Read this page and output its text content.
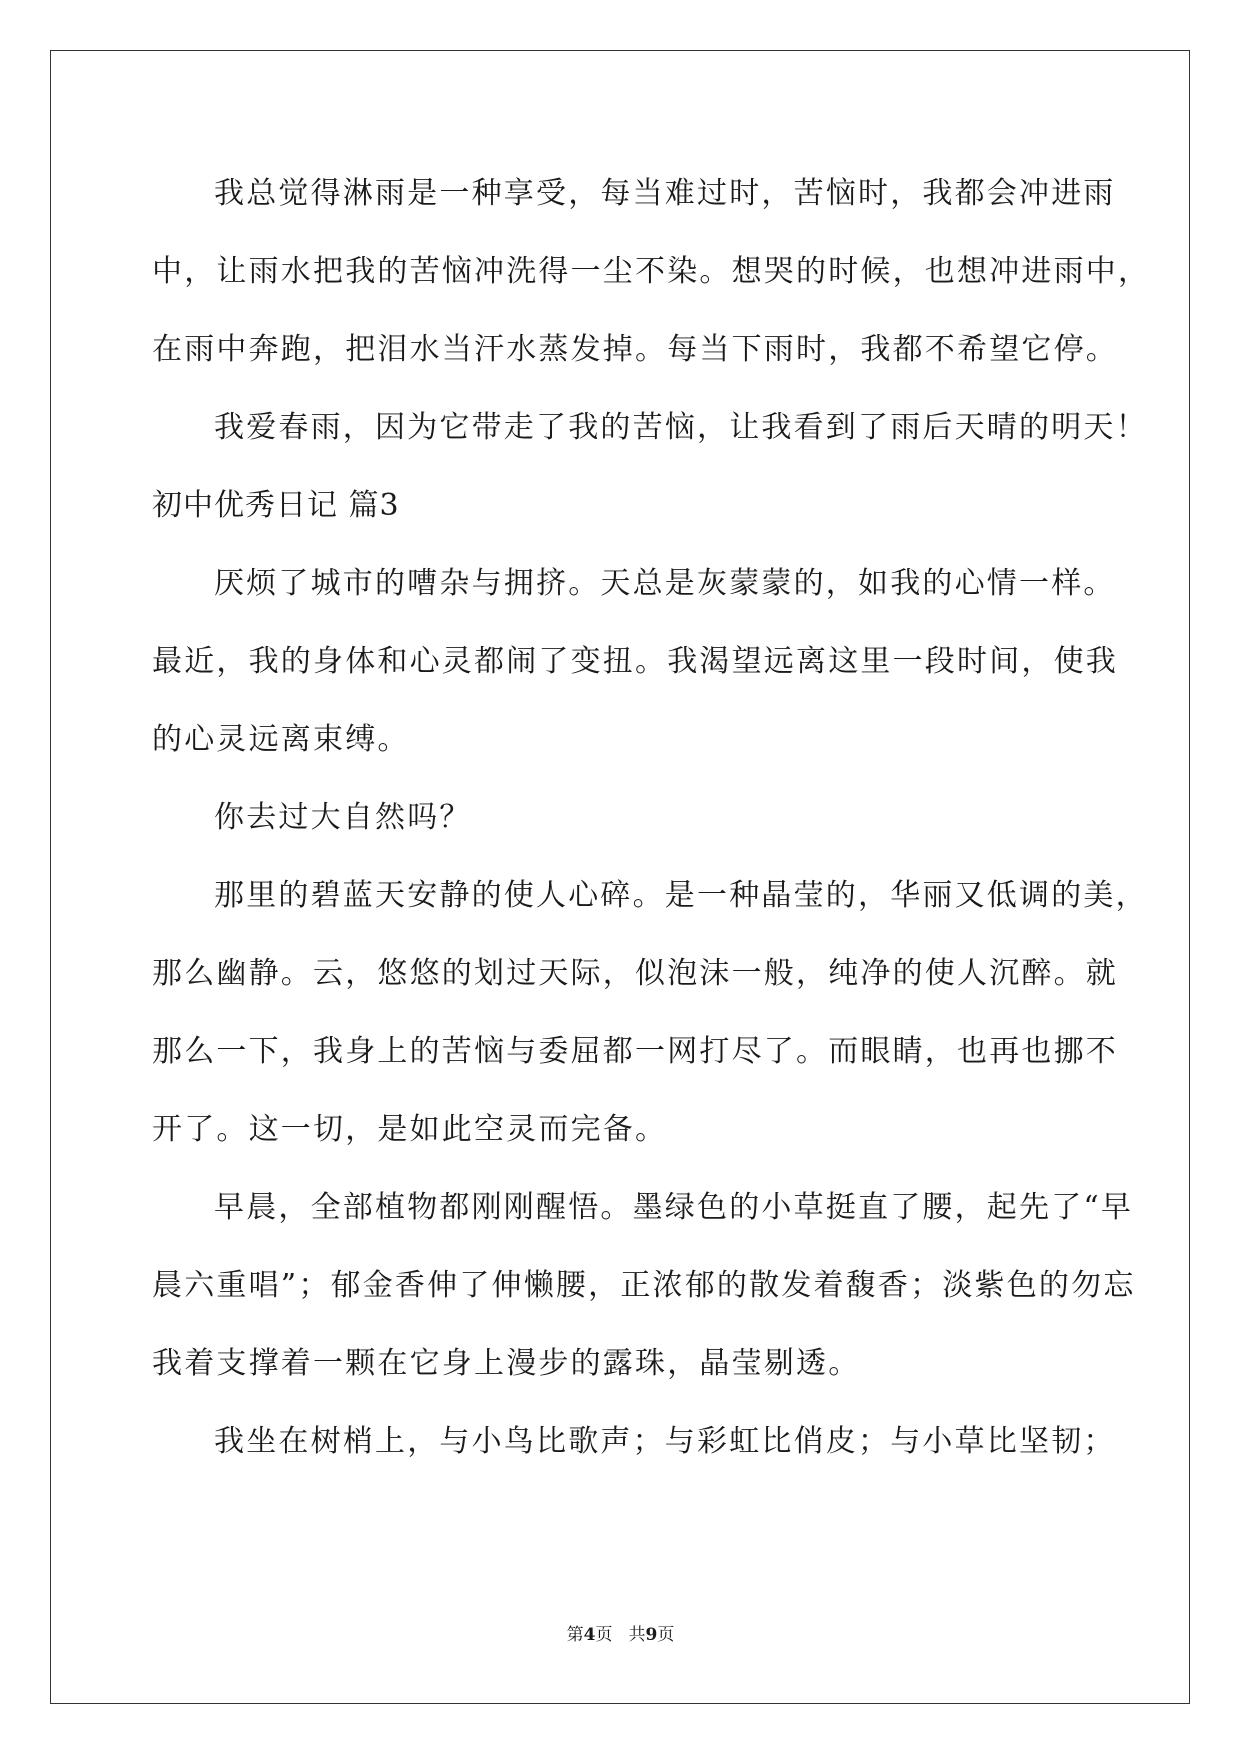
我总觉得淋雨是一种享受，每当难过时，苦恼时，我都会冲进雨
中，让雨水把我的苦恼冲洗得一尘不染。想哭的时候，也想冲进雨中，
在雨中奔跑，把泪水当汗水蒸发掉。每当下雨时，我都不希望它停。
我爱春雨，因为它带走了我的苦恼，让我看到了雨后天晴的明天！
初中优秀日记 篇3
厌烦了城市的嘈杂与拥挤。天总是灰蒙蒙的，如我的心情一样。
最近，我的身体和心灵都闹了变扭。我渴望远离这里一段时间，使我
的心灵远离束缚。
你去过大自然吗？
那里的碧蓝天安静的使人心碎。是一种晶莹的，华丽又低调的美，
那么幽静。云，悠悠的划过天际，似泡沫一般，纯净的使人沉醉。就
那么一下，我身上的苦恼与委屈都一网打尽了。而眼睛，也再也挪不
开了。这一切，是如此空灵而完备。
早晨，全部植物都刚刚醒悟。墨绿色的小草挺直了腰，起先了“早
晨六重唱”；郁金香伸了伸懒腰，正浓郁的散发着馥香；淡紫色的勿忘
我着支撑着一颗在它身上漫步的露珠，晶莹剔透。
我坐在树梢上，与小鸟比歌声；与彩虹比俏皮；与小草比坚韧；
第4页 共9页
